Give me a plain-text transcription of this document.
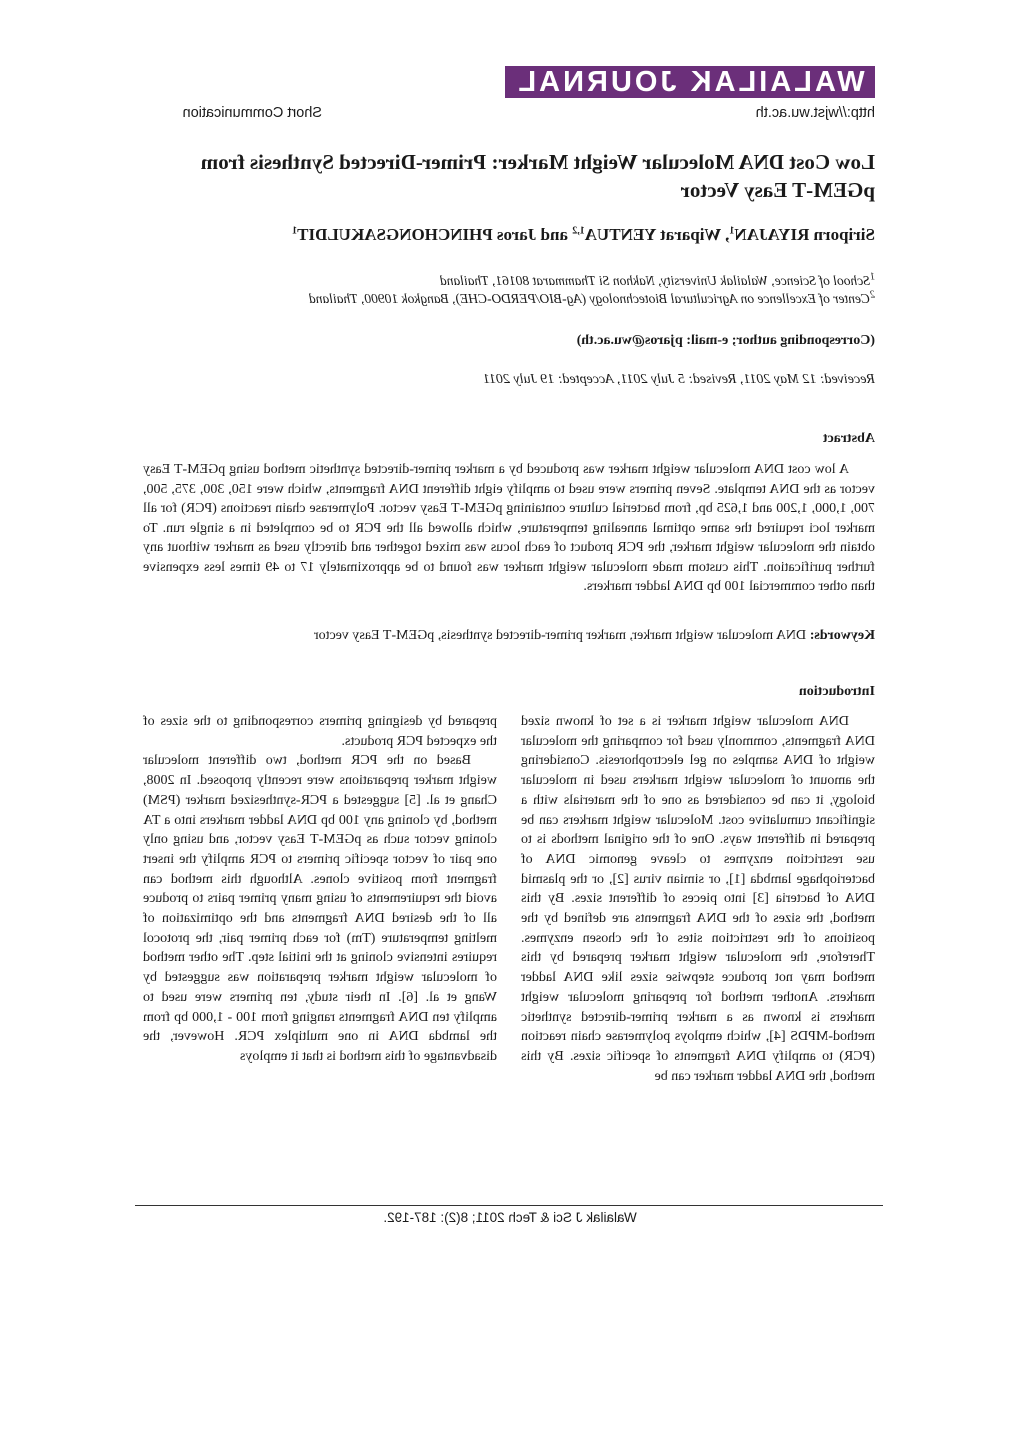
WALAILAK JOURNAL
http://wjst.wu.ac.th
Short Communication
Low Cost DNA Molecular Weight Marker: Primer-Directed Synthesis from pGEM-T Easy Vector
Siriporn RIYAJAN$^1$, Wiparat YENTUA$^{1,2}$ and Jaros PHINCHONGSAKULDIT$^1$
$^1$School of Science, Walailak University, Nakhon Si Thammarat 80161, Thailand
$^2$Center of Excellence on Agricultural Biotechnology (Ag-BIO/PERDO-CHE), Bangkok 10900, Thailand
(Corresponding author; e-mail: pjaros@wu.ac.th)
Received: 12 May 2011, Revised: 5 July 2011, Accepted: 19 July 2011
Abstract

A low cost DNA molecular weight marker was produced by a marker primer-directed synthetic method using pGEM-T Easy vector as the DNA template. Seven primers were used to amplify eight different DNA fragments, which were 150, 300, 375, 500, 700, 1,000, 1,200 and 1,625 bp, from bacterial culture containing pGEM-T Easy vector. Polymerase chain reactions (PCR) for all marker loci required the same optimal annealing temperature, which allowed all the PCR to be completed in a single run. To obtain the molecular weight marker, the PCR product of each locus was mixed together and directly used as marker without any further purification. This custom made molecular weight marker was found to be approximately 17 to 49 times less expensive than other commercial 100 bp DNA ladder markers.

Keywords: DNA molecular weight marker, marker primer-directed synthesis, pGEM-T Easy vector
Introduction

DNA molecular weight marker is a set of known sized DNA fragments, commonly used for comparing the molecular weight of DNA samples on gel electrophoresis. Considering the amount of molecular weight markers used in molecular biology, it can be considered as one of the materials with a significant cumulative cost. Molecular weight markers can be prepared in different ways. One of the original methods is to use restriction enzymes to cleave genomic DNA of bacteriophage lambda [1], or simian virus [2], or the plasmid DNA of bacteria [3] into pieces of different sizes. By this method, the sizes of the DNA fragments are defined by the positions of the restriction sites of the chosen enzymes. Therefore, the molecular weight marker prepared by this method may not produce stepwise sizes like DNA ladder markers. Another method for preparing molecular weight markers is known as a marker primer-directed synthetic method-MPDS [4], which employs polymerase chain reaction (PCR) to amplify DNA fragments of specific sizes. By this method, the DNA ladder marker can be

prepared by designing primers corresponding to the sizes of the expected PCR products.

Based on the PCR method, two different molecular weight marker preparations were recently proposed. In 2008, Chang et al. [5] suggested a PCR-synthesized marker (PSM) method, by cloning any 100 bp DNA ladder markers into a TA cloning vector such as pGEM-T Easy vector, and using only one pair of vector specific primers to PCR amplify the insert fragment from positive clones. Although this method can avoid the requirements of using many primer pairs to produce all of the desired DNA fragments and the optimization of melting temperature (Tm) for each primer pair, the protocol requires intensive cloning at the initial step. The other method of molecular weight marker preparation was suggested by Wang et al. [6]. In their study, ten primers were used to amplify ten DNA fragments ranging from 100 - 1,000 bp from the lambda DNA in one multiplex PCR. However, the disadvantage of this method is that it employs

Walailak J Sci & Tech 2011; 8(2): 187-192.
